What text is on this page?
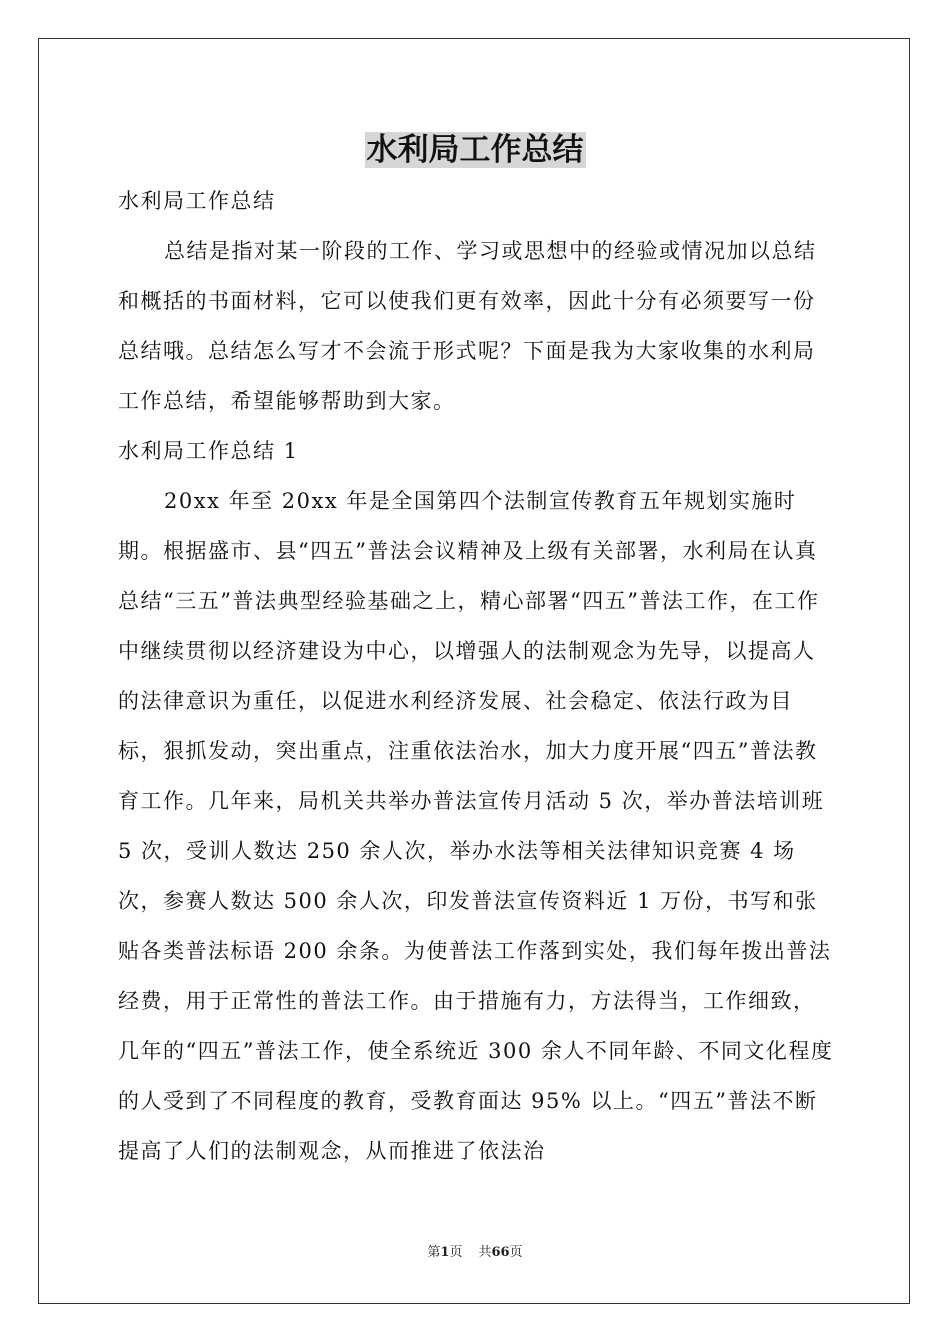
水利局工作总结

水利局工作总结

总结是指对某一阶段的工作、学习或思想中的经验或情况加以总结和概括的书面材料，它可以使我们更有效率，因此十分有必须要写一份总结哦。总结怎么写才不会流于形式呢？下面是我为大家收集的水利局工作总结，希望能够帮助到大家。

水利局工作总结 1

20xx 年至 20xx 年是全国第四个法制宣传教育五年规划实施时期。根据盛市、县“四五”普法会议精神及上级有关部署，水利局在认真总结“三五”普法典型经验基础之上，精心部署“四五”普法工作，在工作中继续贯彻以经济建设为中心，以增强人的法制观念为先导，以提高人的法律意识为重任，以促进水利经济发展、社会稳定、依法行政为目标，狠抓发动，突出重点，注重依法治水，加大力度开展“四五”普法教育工作。几年来，局机关共举办普法宣传月活动 5 次，举办普法培训班 5 次，受训人数达 250 余人次，举办水法等相关法律知识竞赛 4 场次，参赛人数达 500 余人次，印发普法宣传资料近 1 万份，书写和张贴各类普法标语 200 余条。为使普法工作落到实处，我们每年拨出普法经费，用于正常性的普法工作。由于措施有力，方法得当，工作细致，几年的“四五”普法工作，使全系统近 300 余人不同年龄、不同文化程度的人受到了不同程度的教育，受教育面达 95% 以上。“四五”普法不断提高了人们的法制观念，从而推进了依法治

第1页 共66页
